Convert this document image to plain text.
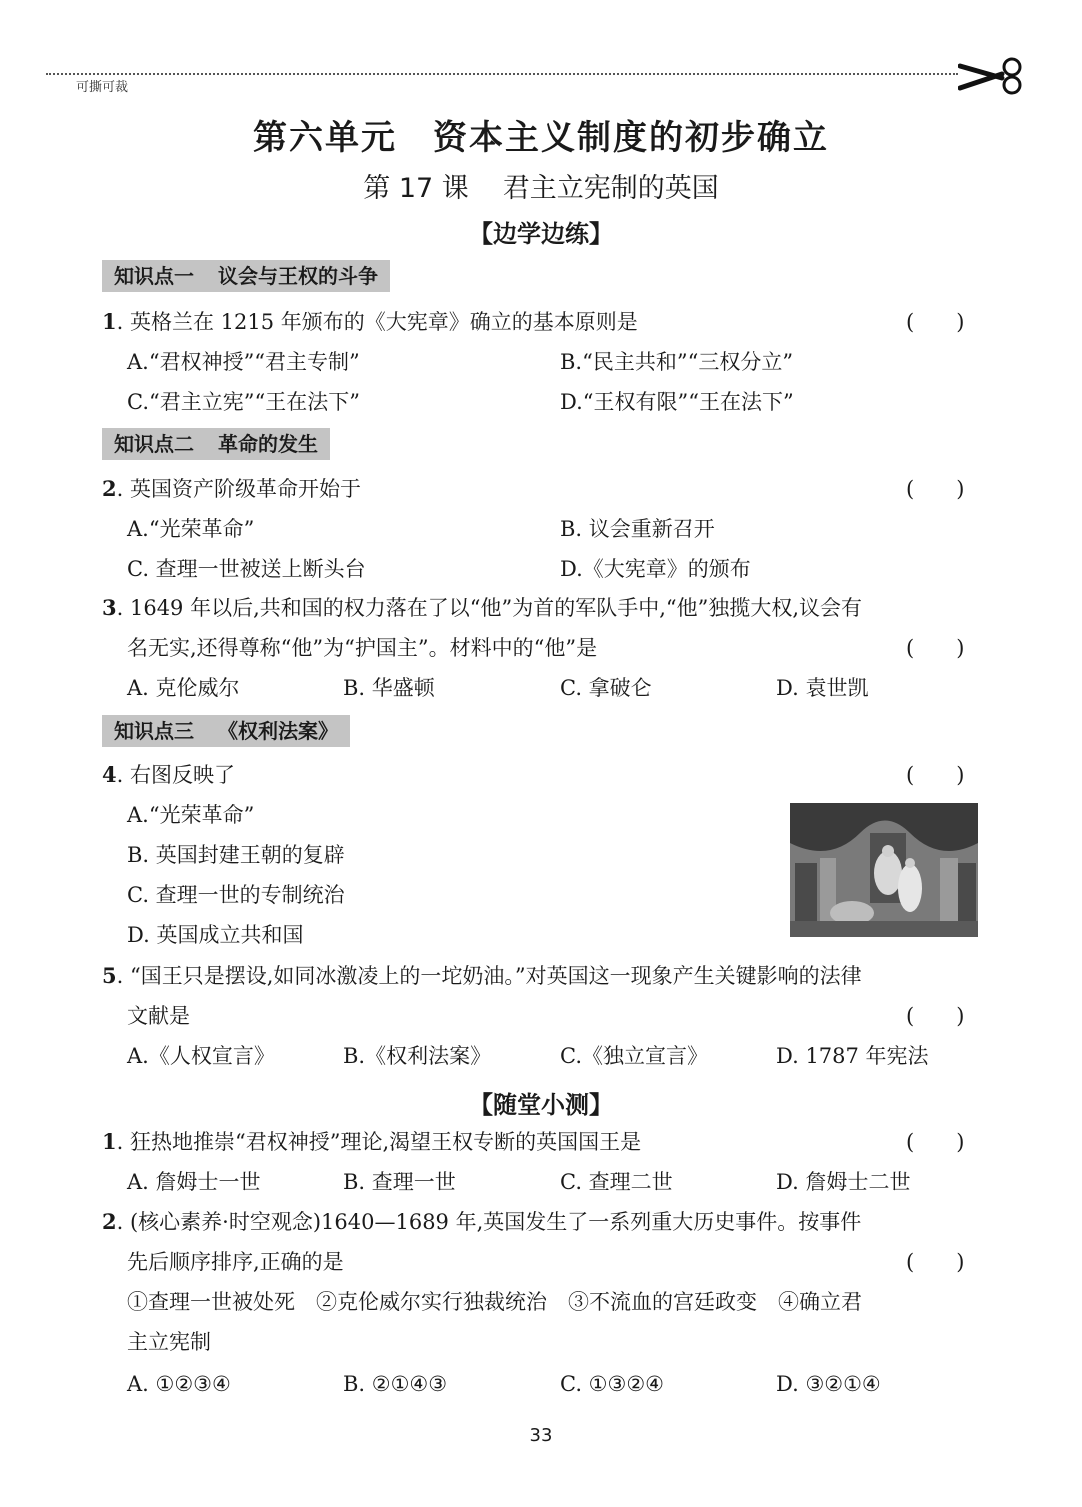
可撕可裁
第六单元　资本主义制度的初步确立
第 17 课 君主立宪制的英国
【边学边练】
知识点一 议会与王权的斗争
1. 英格兰在 1215 年颁布的《大宪章》确立的基本原则是	(　　)
A.“君权神授”“君主专制”	B.“民主共和”“三权分立”
C.“君主立宪”“王在法下”	D.“王权有限”“王在法下”
知识点二 革命的发生
2. 英国资产阶级革命开始于	(　　)
A.“光荣革命”	B. 议会重新召开
C. 查理一世被送上断头台	D.《大宪章》的颁布
3. 1649 年以后,共和国的权力落在了以“他”为首的军队手中,“他”独揽大权,议会有
名无实,还得尊称“他”为“护国主”。材料中的“他”是	(　　)
A. 克伦威尔	B. 华盛顿	C. 拿破仑	D. 袁世凯
知识点三 《权利法案》
4. 右图反映了	(　　)
A.“光荣革命”
B. 英国封建王朝的复辟
C. 查理一世的专制统治
D. 英国成立共和国
5. “国王只是摆设,如同冰激凌上的一坨奶油。”对英国这一现象产生关键影响的法律
文献是	(　　)
A.《人权宣言》	B.《权利法案》	C.《独立宣言》	D. 1787 年宪法
【随堂小测】
1. 狂热地推崇“君权神授”理论,渴望王权专断的英国国王是	(　　)
A. 詹姆士一世	B. 查理一世	C. 查理二世	D. 詹姆士二世
2. (核心素养·时空观念)1640—1689 年,英国发生了一系列重大历史事件。按事件
先后顺序排序,正确的是	(　　)
①查理一世被处死　②克伦威尔实行独裁统治　③不流血的宫廷政变　④确立君
主立宪制
A. ①②③④	B. ②①④③	C. ①③②④	D. ③②①④
33
